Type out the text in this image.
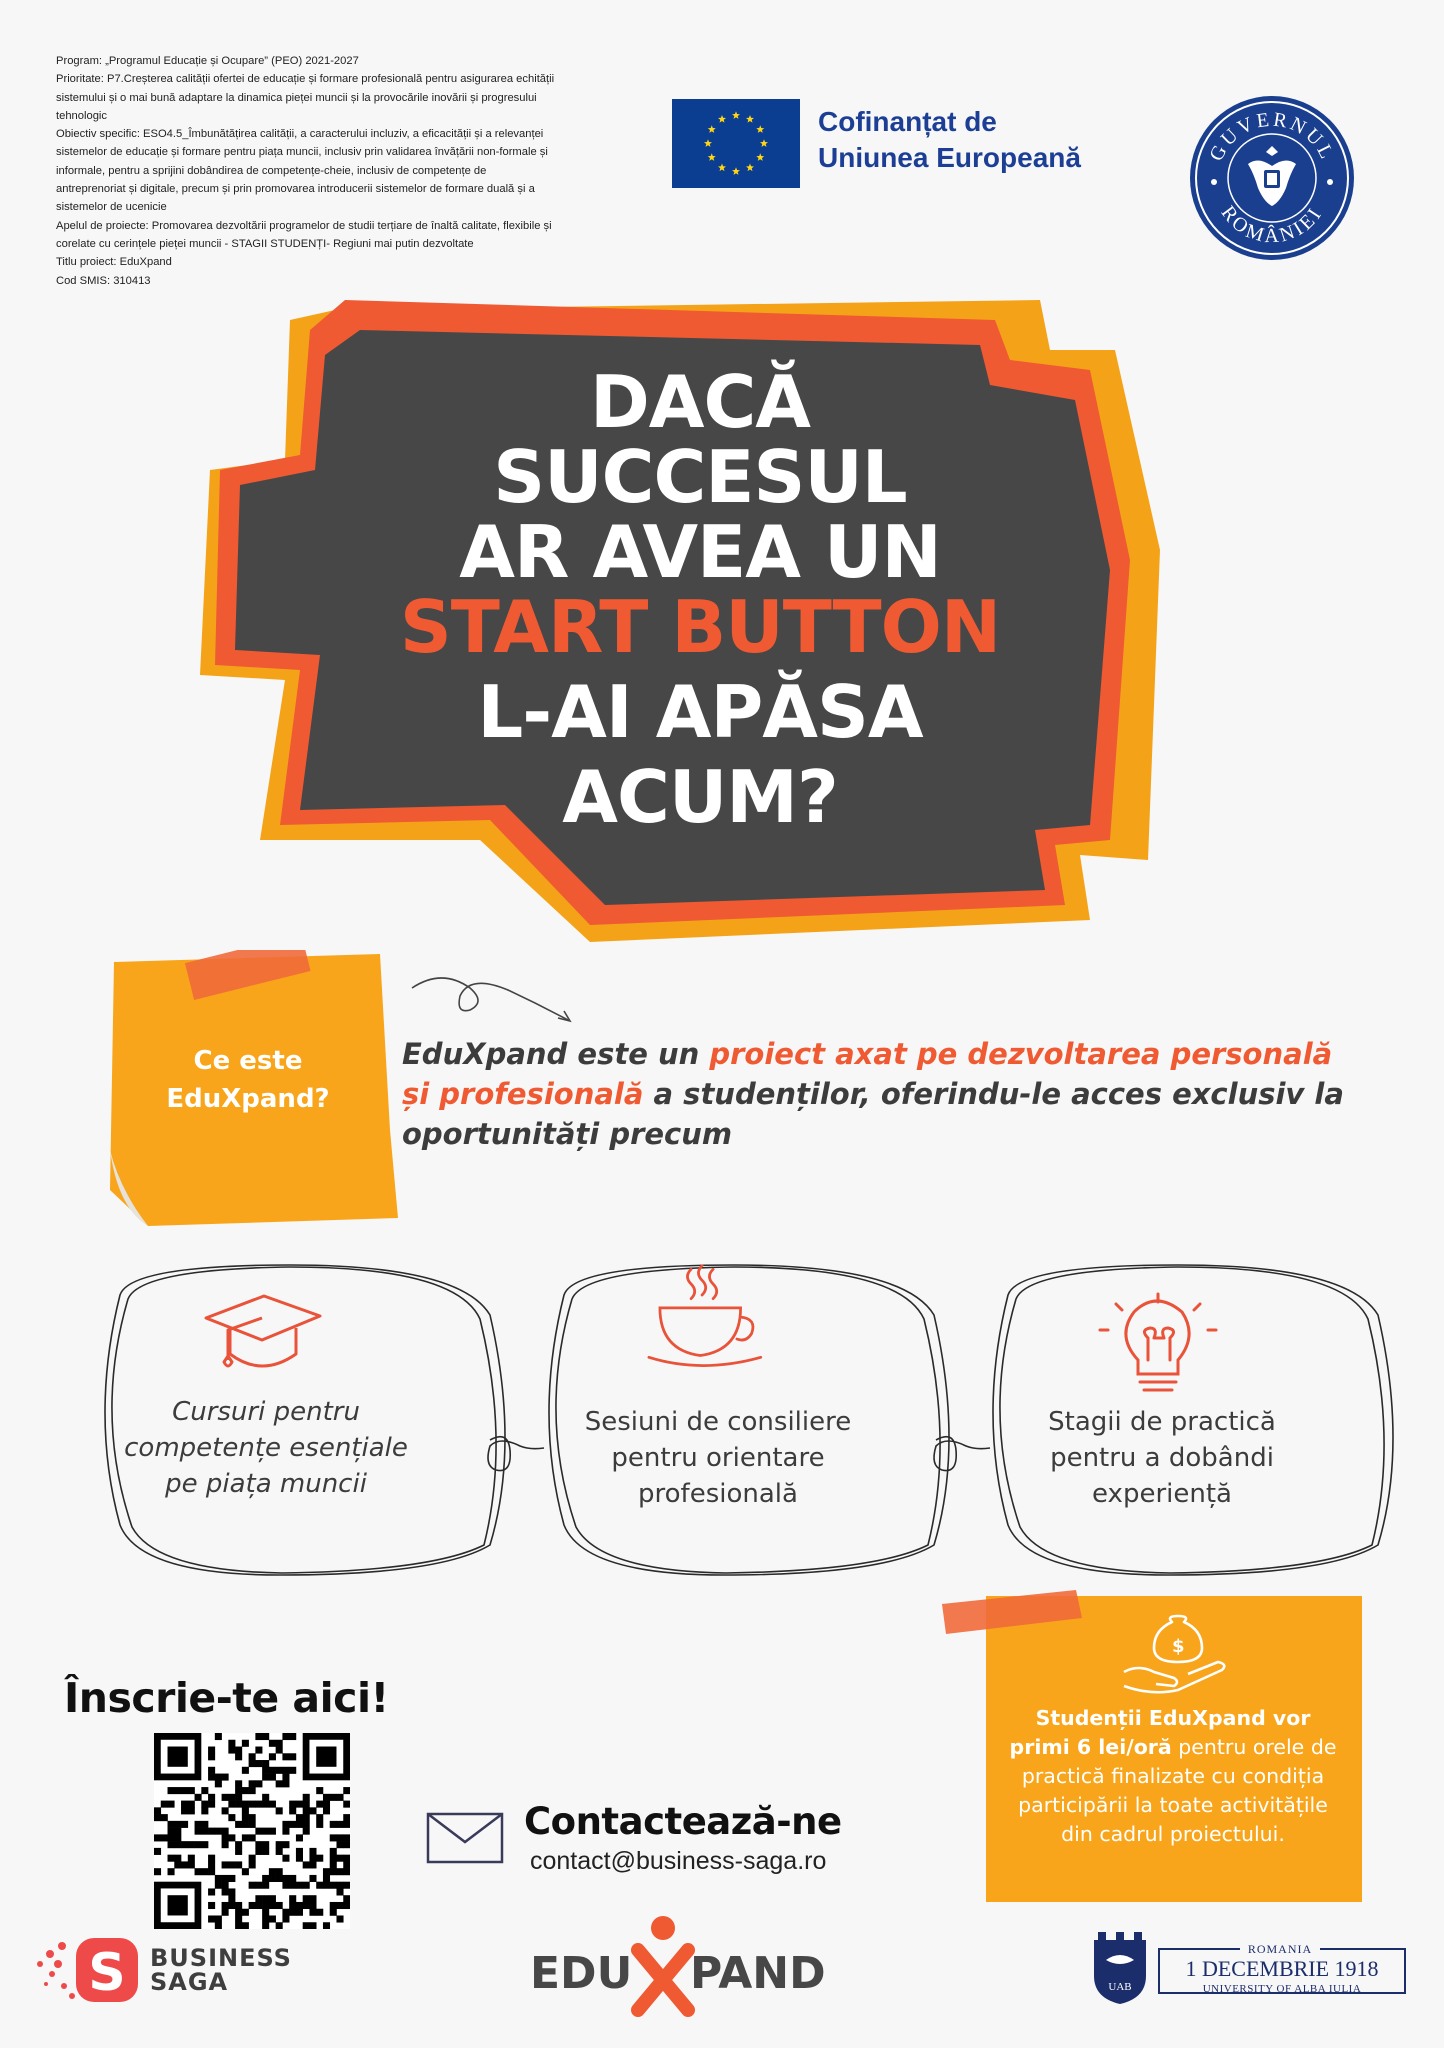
Program: „Programul Educație și Ocupare” (PEO) 2021-2027

Prioritate: P7.Creșterea calității ofertei de educație și formare profesională pentru asigurarea echității sistemului și o mai bună adaptare la dinamica pieței muncii și la provocările inovării și progresului tehnologic

Obiectiv specific: ESO4.5_Îmbunătățirea calității, a caracterului incluziv, a eficacității și a relevanței sistemelor de educație și formare pentru piața muncii, inclusiv prin validarea învățării non-formale și informale, pentru a sprijini dobândirea de competențe-cheie, inclusiv de competențe de antreprenoriat și digitale, precum și prin promovarea introducerii sistemelor de formare duală și a sistemelor de ucenicie

Apelul de proiecte: Promovarea dezvoltării programelor de studii terțiare de înaltă calitate, flexibile și corelate cu cerințele pieței muncii - STAGII STUDENȚI- Regiuni mai putin dezvoltate

Titlu proiect: EduXpand

Cod SMIS: 310413

Cofinanțat de
Uniunea Europeană	GUVERNUL
ROMÂNIEI
DACĂ
SUCCESUL
AR AVEA UN
START BUTTON
L-AI APĂSA
ACUM?
Ce este
EduXpand?
EduXpand este un proiect axat pe dezvoltarea personală și profesională a studenților, oferindu-le acces exclusiv la oportunități precum
Cursuri pentru
competențe esențiale
pe piața muncii
Sesiuni de consiliere
pentru orientare
profesională
Stagii de practică
pentru a dobândi
experiență
Înscrie-te aici!
Contactează-ne
contact@business-saga.ro
$
Studenții EduXpand vor primi 6 lei/oră pentru orele de practică finalizate cu condiția participării la toate activitățile din cadrul proiectului.
S BUSINESS
SAGA	EDU PAND	UAB
ROMANIA
1 DECEMBRIE 1918
UNIVERSITY OF ALBA IULIA
